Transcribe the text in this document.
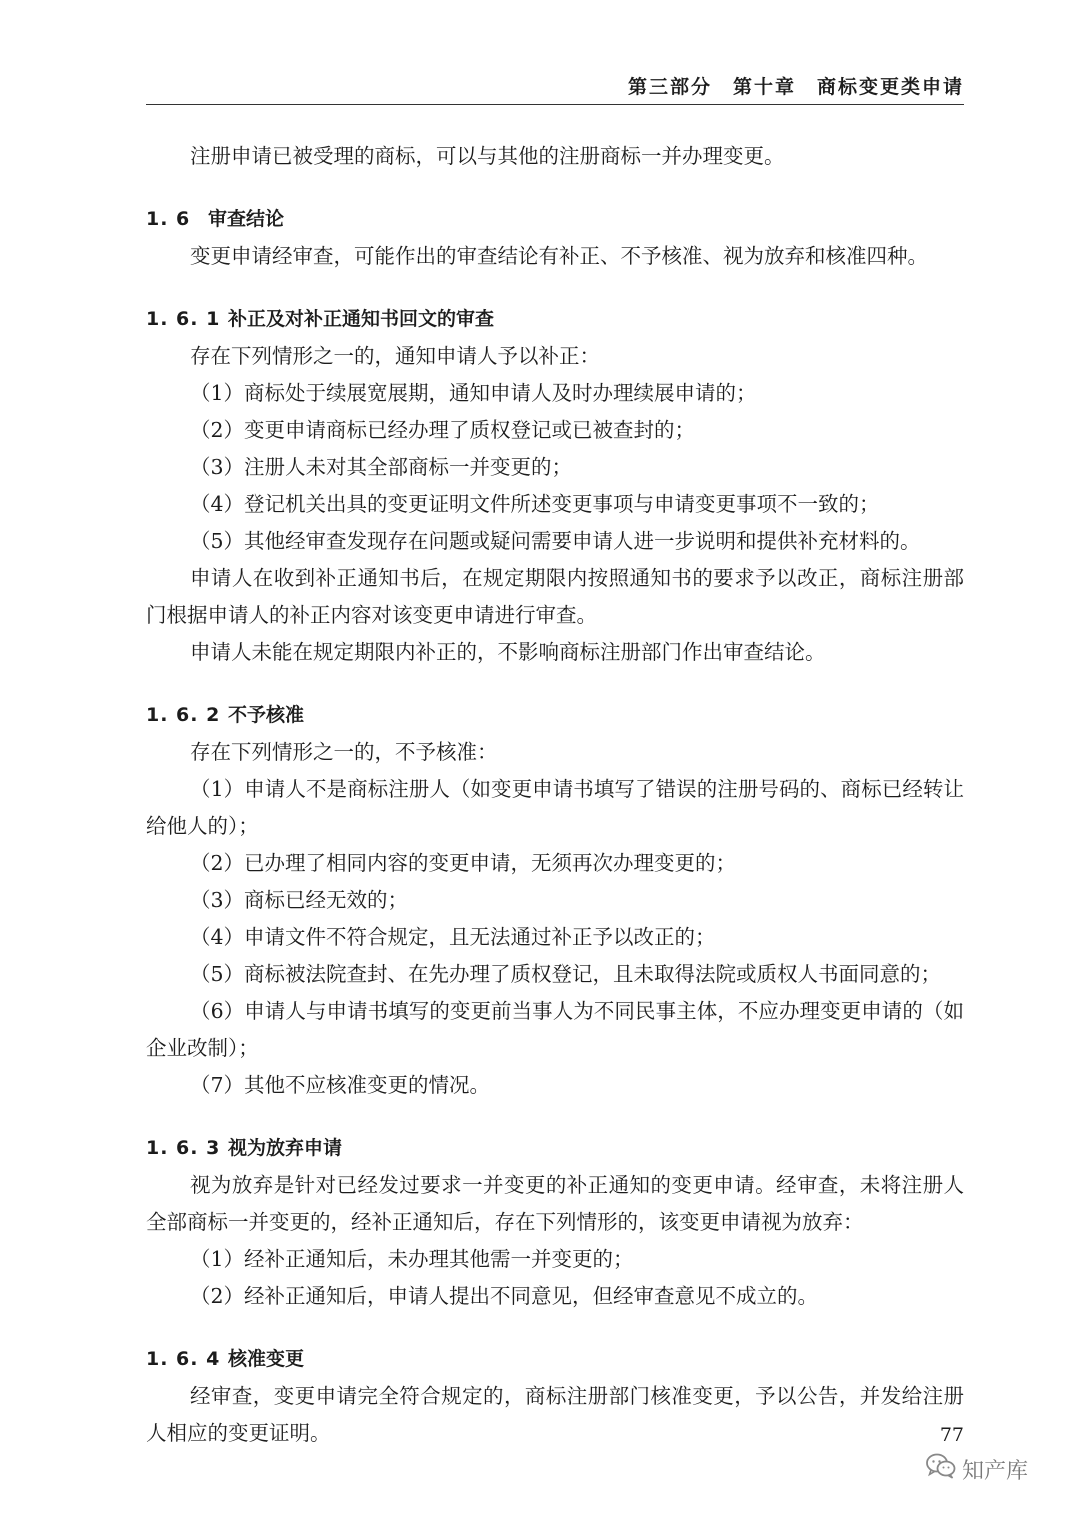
第三部分　第十章　商标变更类申请

注册申请已被受理的商标，可以与其他的注册商标一并办理变更。

1. 6 审查结论

变更申请经审查，可能作出的审查结论有补正、不予核准、视为放弃和核准四种。

1. 6. 1 补正及对补正通知书回文的审查

存在下列情形之一的，通知申请人予以补正：

（1）商标处于续展宽展期，通知申请人及时办理续展申请的；

（2）变更申请商标已经办理了质权登记或已被查封的；

（3）注册人未对其全部商标一并变更的；

（4）登记机关出具的变更证明文件所述变更事项与申请变更事项不一致的；

（5）其他经审查发现存在问题或疑问需要申请人进一步说明和提供补充材料的。

申请人在收到补正通知书后，在规定期限内按照通知书的要求予以改正，商标注册部门根据申请人的补正内容对该变更申请进行审查。

申请人未能在规定期限内补正的，不影响商标注册部门作出审查结论。

1. 6. 2 不予核准

存在下列情形之一的，不予核准：

（1）申请人不是商标注册人（如变更申请书填写了错误的注册号码的、商标已经转让给他人的）；

（2）已办理了相同内容的变更申请，无须再次办理变更的；

（3）商标已经无效的；

（4）申请文件不符合规定，且无法通过补正予以改正的；

（5）商标被法院查封、在先办理了质权登记，且未取得法院或质权人书面同意的；

（6）申请人与申请书填写的变更前当事人为不同民事主体，不应办理变更申请的（如企业改制）；

（7）其他不应核准变更的情况。

1. 6. 3 视为放弃申请

视为放弃是针对已经发过要求一并变更的补正通知的变更申请。经审查，未将注册人全部商标一并变更的，经补正通知后，存在下列情形的，该变更申请视为放弃：

（1）经补正通知后，未办理其他需一并变更的；

（2）经补正通知后，申请人提出不同意见，但经审查意见不成立的。

1. 6. 4 核准变更

经审查，变更申请完全符合规定的，商标注册部门核准变更，予以公告，并发给注册人相应的变更证明。	77
知产库
